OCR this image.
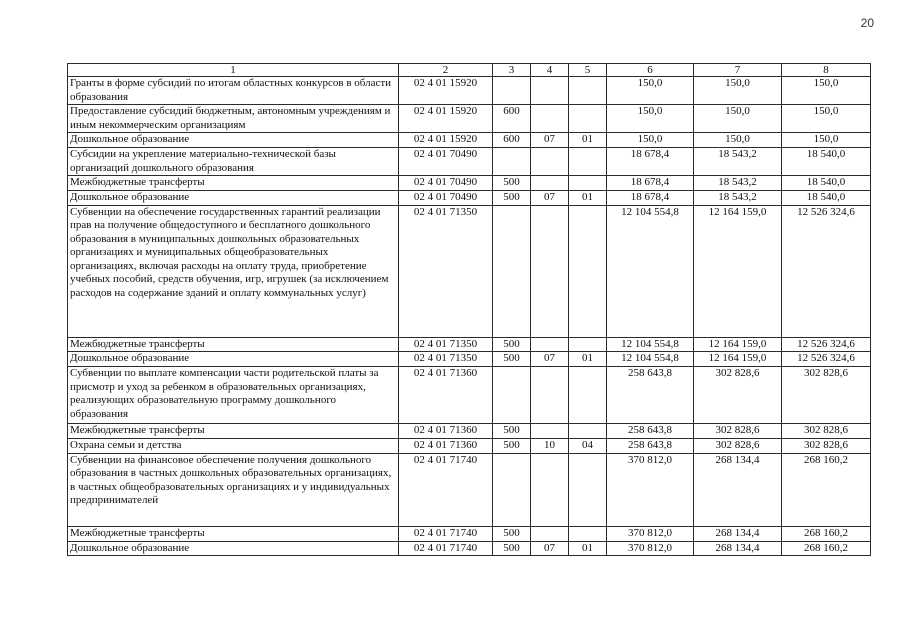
20
1	2	3	4	5	6	7	8
Гранты в форме субсидий по итогам областных конкурсов в области образования	02 4 01 15920				150,0	150,0	150,0
Предоставление субсидий бюджетным, автономным учреждениям и иным некоммерческим организациям	02 4 01 15920	600			150,0	150,0	150,0
Дошкольное образование	02 4 01 15920	600	07	01	150,0	150,0	150,0
Субсидии на укрепление материально-технической базы организаций дошкольного образования	02 4 01 70490				18 678,4	18 543,2	18 540,0
Межбюджетные трансферты	02 4 01 70490	500			18 678,4	18 543,2	18 540,0
Дошкольное образование	02 4 01 70490	500	07	01	18 678,4	18 543,2	18 540,0
Субвенции на обеспечение государственных гарантий реализации прав на получение общедоступного и бесплатного дошкольного образования в муниципальных дошкольных образовательных организациях и муниципальных общеобразовательных организациях, включая расходы на оплату труда, приобретение учебных пособий, средств обучения, игр, игрушек (за исключением расходов на содержание зданий и оплату коммунальных услуг)	02 4 01 71350				12 104 554,8	12 164 159,0	12 526 324,6
Межбюджетные трансферты	02 4 01 71350	500			12 104 554,8	12 164 159,0	12 526 324,6
Дошкольное образование	02 4 01 71350	500	07	01	12 104 554,8	12 164 159,0	12 526 324,6
Субвенции по выплате компенсации части родительской платы за присмотр и уход за ребенком в образовательных организациях, реализующих образовательную программу дошкольного образования	02 4 01 71360				258 643,8	302 828,6	302 828,6
Межбюджетные трансферты	02 4 01 71360	500			258 643,8	302 828,6	302 828,6
Охрана семьи и детства	02 4 01 71360	500	10	04	258 643,8	302 828,6	302 828,6
Субвенции на финансовое обеспечение получения дошкольного образования в частных дошкольных образовательных организациях, в частных общеобразовательных организациях и у индивидуальных предпринимателей	02 4 01 71740				370 812,0	268 134,4	268 160,2
Межбюджетные трансферты	02 4 01 71740	500			370 812,0	268 134,4	268 160,2
Дошкольное образование	02 4 01 71740	500	07	01	370 812,0	268 134,4	268 160,2
